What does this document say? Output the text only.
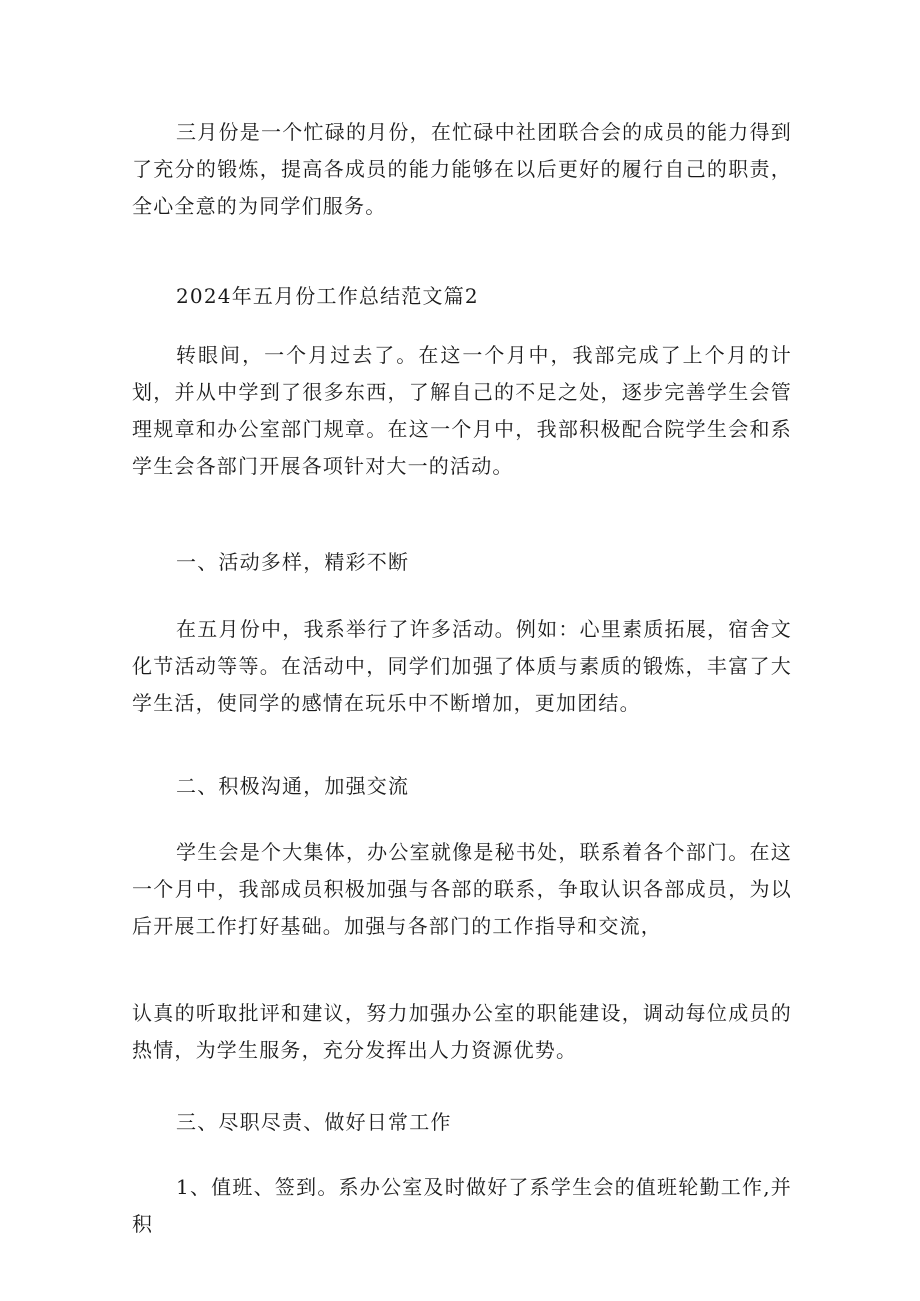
三月份是一个忙碌的月份，在忙碌中社团联合会的成员的能力得到了充分的锻炼，提高各成员的能力能够在以后更好的履行自己的职责，全心全意的为同学们服务。

2024年五月份工作总结范文篇2

转眼间，一个月过去了。在这一个月中，我部完成了上个月的计划，并从中学到了很多东西，了解自己的不足之处，逐步完善学生会管理规章和办公室部门规章。在这一个月中，我部积极配合院学生会和系学生会各部门开展各项针对大一的活动。

一、活动多样，精彩不断

在五月份中，我系举行了许多活动。例如：心里素质拓展，宿舍文化节活动等等。在活动中，同学们加强了体质与素质的锻炼，丰富了大学生活，使同学的感情在玩乐中不断增加，更加团结。

二、积极沟通，加强交流

学生会是个大集体，办公室就像是秘书处，联系着各个部门。在这一个月中，我部成员积极加强与各部的联系，争取认识各部成员，为以后开展工作打好基础。加强与各部门的工作指导和交流，

认真的听取批评和建议，努力加强办公室的职能建设，调动每位成员的热情，为学生服务，充分发挥出人力资源优势。

三、尽职尽责、做好日常工作

1、值班、签到。系办公室及时做好了系学生会的值班轮勤工作,并积
